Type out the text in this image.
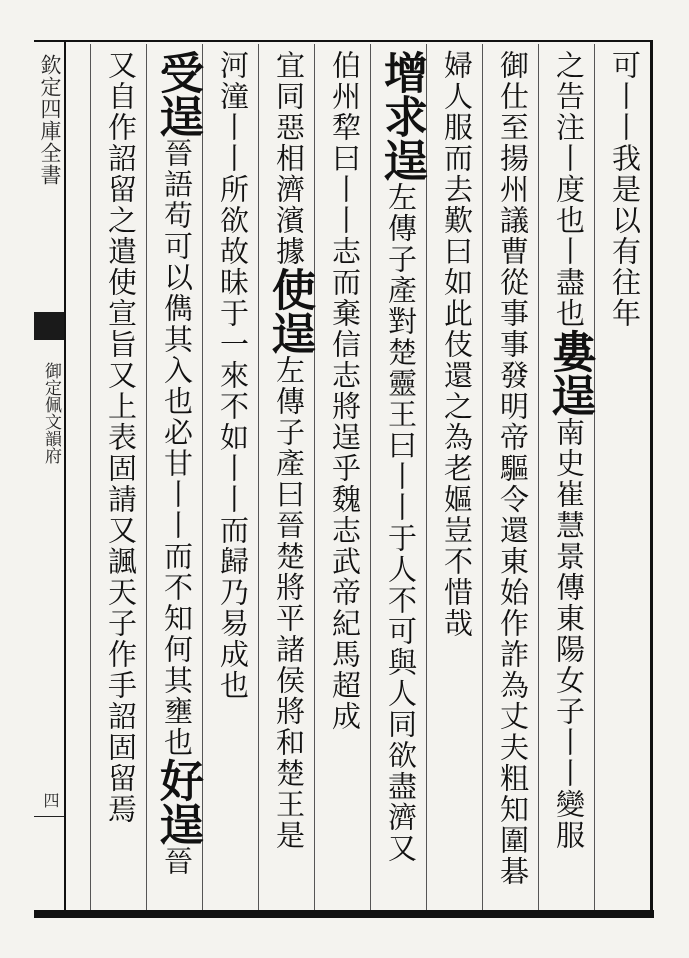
欽定四庫全書
御定佩文韻府
四
可丨丨我是以有往年
之告注丨度也丨盡也婁逞南史崔慧景傳東陽女子丨丨變服
御仕至揚州議曹從事事發明帝驅令還東始作詐為丈夫粗知圍碁
婦人服而去歎曰如此伎還之為老嫗豈不惜哉
增求逞左傳子產對楚靈王曰丨丨于人不可與人同欲盡濟又
伯州犂曰丨丨志而棄信志將逞乎魏志武帝紀馬超成
宜同惡相濟濱據使逞左傳子產曰晉楚將平諸侯將和楚王是
河潼丨丨所欲故昧于一來不如丨丨而歸乃易成也
受逞晉語苟可以儁其入也必甘丨丨而不知何其壅也好逞晉
又自作詔留之遣使宣旨又上表固請又諷天子作手詔固留焉
